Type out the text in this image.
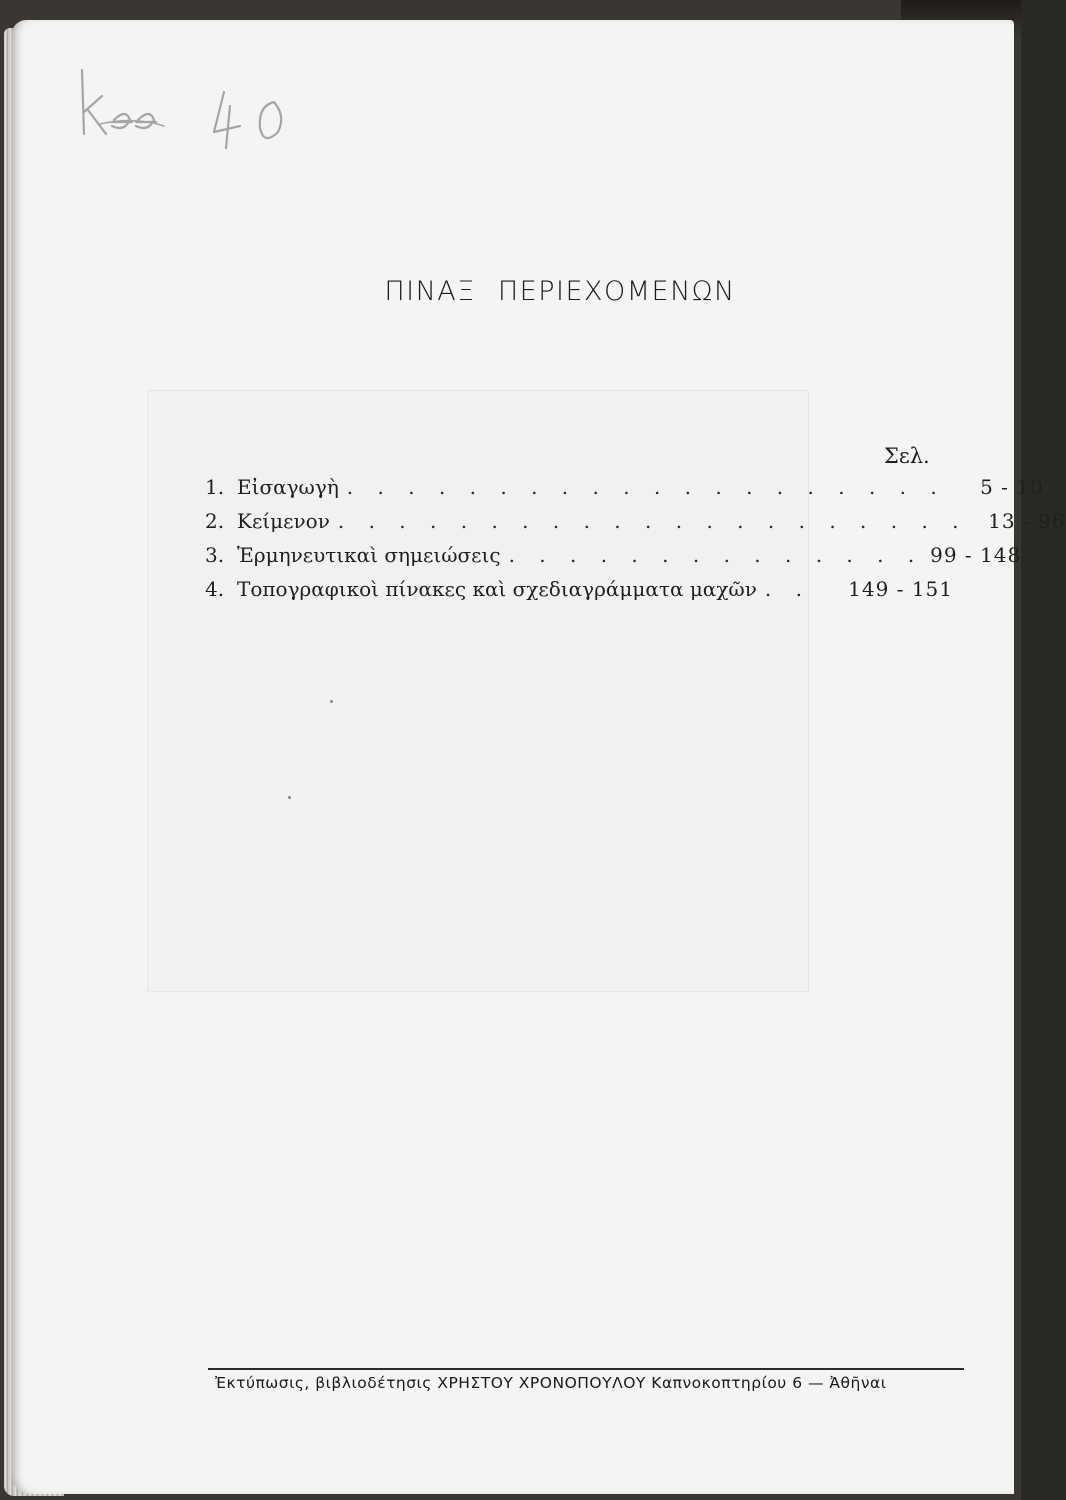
ΠΙΝΑΞ ΠΕΡΙΕΧΟΜΕΝΩΝ
Σελ.
1. Εἰσαγωγὴ . . . . . . . . . . . . . . . . . . . .	5 - 10
2. Κείμενον . . . . . . . . . . . . . . . . . . . . .	13 - 96
3. Ἑρμηνευτικαὶ σημειώσεις . . . . . . . . . . . . . . 99 - 148
4. Τοπογραφικοὶ πίνακες καὶ σχεδιαγράμματα μαχῶν . .	149 - 151
Ἐκτύπωσις, βιβλιοδέτησις ΧΡΗΣΤΟΥ ΧΡΟΝΟΠΟΥΛΟΥ Καπνοκοπτηρίου 6 — Ἀθῆναι
